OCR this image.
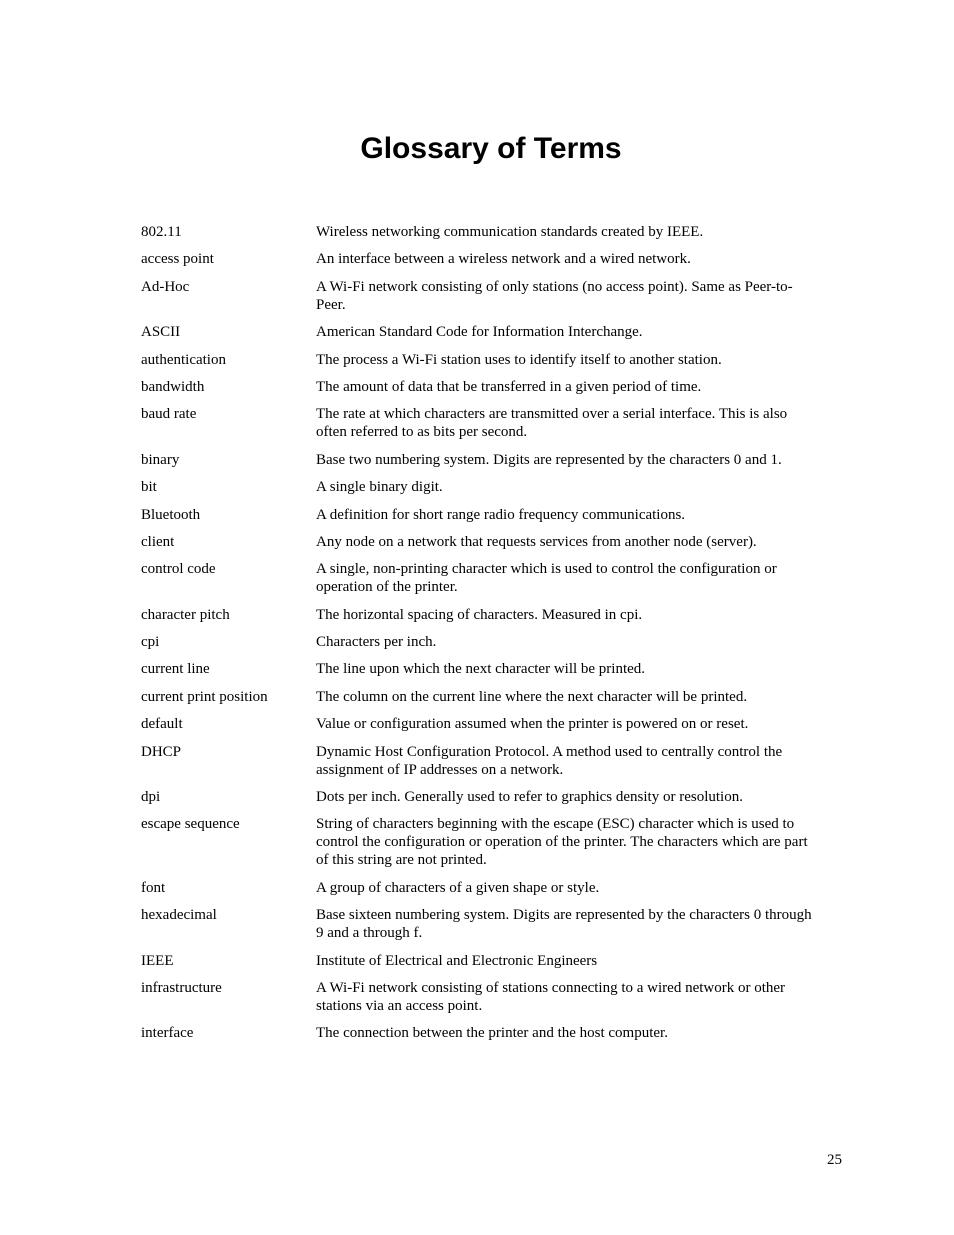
Glossary of Terms
802.11	Wireless networking communication standards created by IEEE.
access point	An interface between a wireless network and a wired network.
Ad-Hoc	A Wi-Fi network consisting of only stations (no access point). Same as Peer-to-Peer.
ASCII	American Standard Code for Information Interchange.
authentication	The process a Wi-Fi station uses to identify itself to another station.
bandwidth	The amount of data that be transferred in a given period of time.
baud rate	The rate at which characters are transmitted over a serial interface. This is also often referred to as bits per second.
binary	Base two numbering system. Digits are represented by the characters 0 and 1.
bit	A single binary digit.
Bluetooth	A definition for short range radio frequency communications.
client	Any node on a network that requests services from another node (server).
control code	A single, non-printing character which is used to control the configuration or operation of the printer.
character pitch	The horizontal spacing of characters. Measured in cpi.
cpi	Characters per inch.
current line	The line upon which the next character will be printed.
current print position	The column on the current line where the next character will be printed.
default	Value or configuration assumed when the printer is powered on or reset.
DHCP	Dynamic Host Configuration Protocol. A method used to centrally control the assignment of IP addresses on a network.
dpi	Dots per inch. Generally used to refer to graphics density or resolution.
escape sequence	String of characters beginning with the escape (ESC) character which is used to control the configuration or operation of the printer. The characters which are part of this string are not printed.
font	A group of characters of a given shape or style.
hexadecimal	Base sixteen numbering system. Digits are represented by the characters 0 through 9 and a through f.
IEEE	Institute of Electrical and Electronic Engineers
infrastructure	A Wi-Fi network consisting of stations connecting to a wired network or other stations via an access point.
interface	The connection between the printer and the host computer.
25
